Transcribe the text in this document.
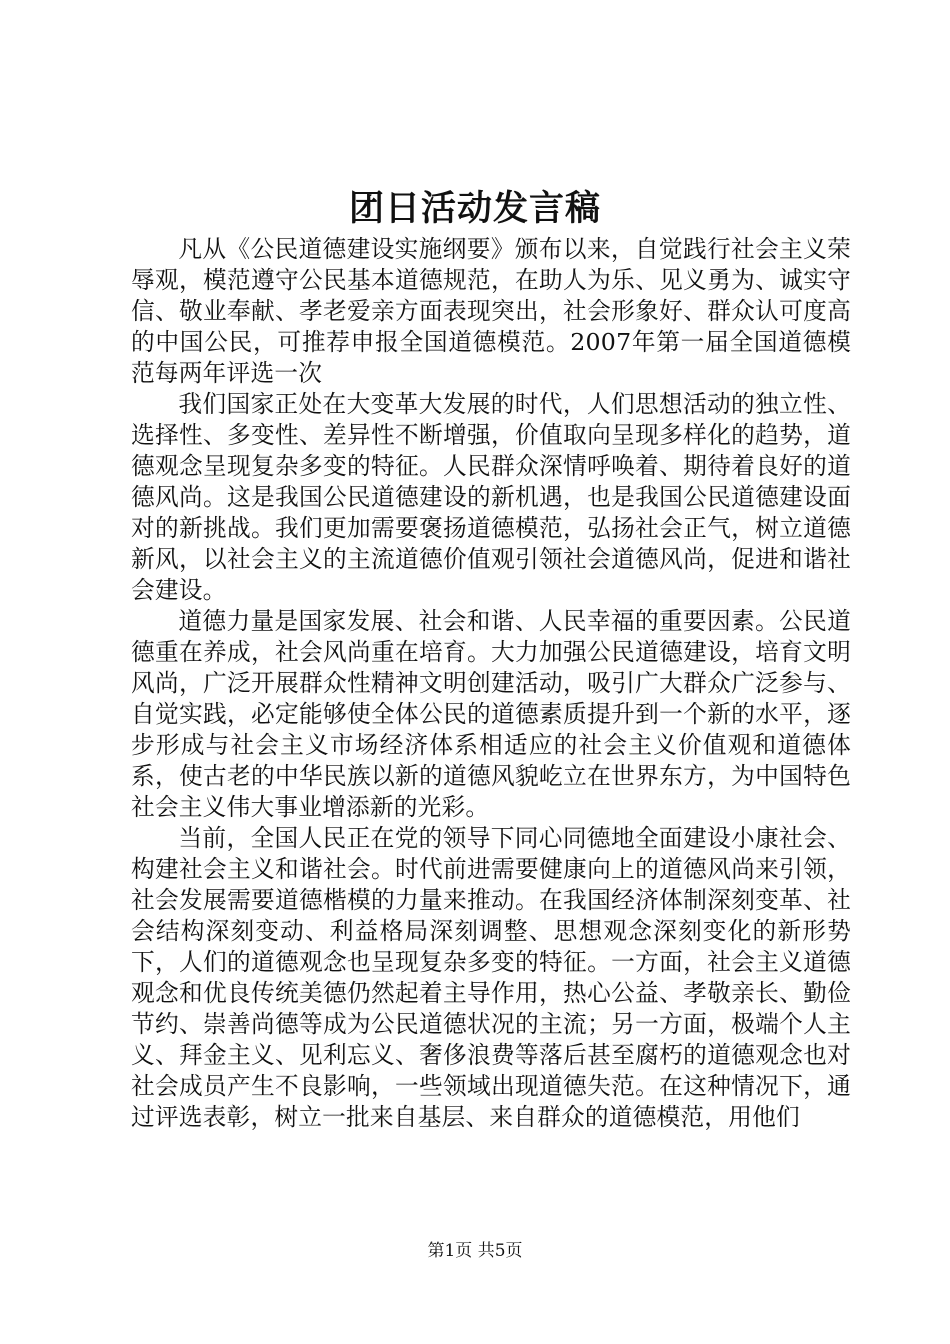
团日活动发言稿

凡从《公民道德建设实施纲要》颁布以来，自觉践行社会主义荣辱观，模范遵守公民基本道德规范，在助人为乐、见义勇为、诚实守信、敬业奉献、孝老爱亲方面表现突出，社会形象好、群众认可度高的中国公民，可推荐申报全国道德模范。2007年第一届全国道德模范每两年评选一次

我们国家正处在大变革大发展的时代，人们思想活动的独立性、选择性、多变性、差异性不断增强，价值取向呈现多样化的趋势，道德观念呈现复杂多变的特征。人民群众深情呼唤着、期待着良好的道德风尚。这是我国公民道德建设的新机遇，也是我国公民道德建设面对的新挑战。我们更加需要褒扬道德模范，弘扬社会正气，树立道德新风，以社会主义的主流道德价值观引领社会道德风尚，促进和谐社会建设。

道德力量是国家发展、社会和谐、人民幸福的重要因素。公民道德重在养成，社会风尚重在培育。大力加强公民道德建设，培育文明风尚，广泛开展群众性精神文明创建活动，吸引广大群众广泛参与、自觉实践，必定能够使全体公民的道德素质提升到一个新的水平，逐步形成与社会主义市场经济体系相适应的社会主义价值观和道德体系，使古老的中华民族以新的道德风貌屹立在世界东方，为中国特色社会主义伟大事业增添新的光彩。

当前，全国人民正在党的领导下同心同德地全面建设小康社会、构建社会主义和谐社会。时代前进需要健康向上的道德风尚来引领，社会发展需要道德楷模的力量来推动。在我国经济体制深刻变革、社会结构深刻变动、利益格局深刻调整、思想观念深刻变化的新形势下，人们的道德观念也呈现复杂多变的特征。一方面，社会主义道德观念和优良传统美德仍然起着主导作用，热心公益、孝敬亲长、勤俭节约、崇善尚德等成为公民道德状况的主流；另一方面，极端个人主义、拜金主义、见利忘义、奢侈浪费等落后甚至腐朽的道德观念也对社会成员产生不良影响，一些领域出现道德失范。在这种情况下，通过评选表彰，树立一批来自基层、来自群众的道德模范，用他们

第1页 共5页
